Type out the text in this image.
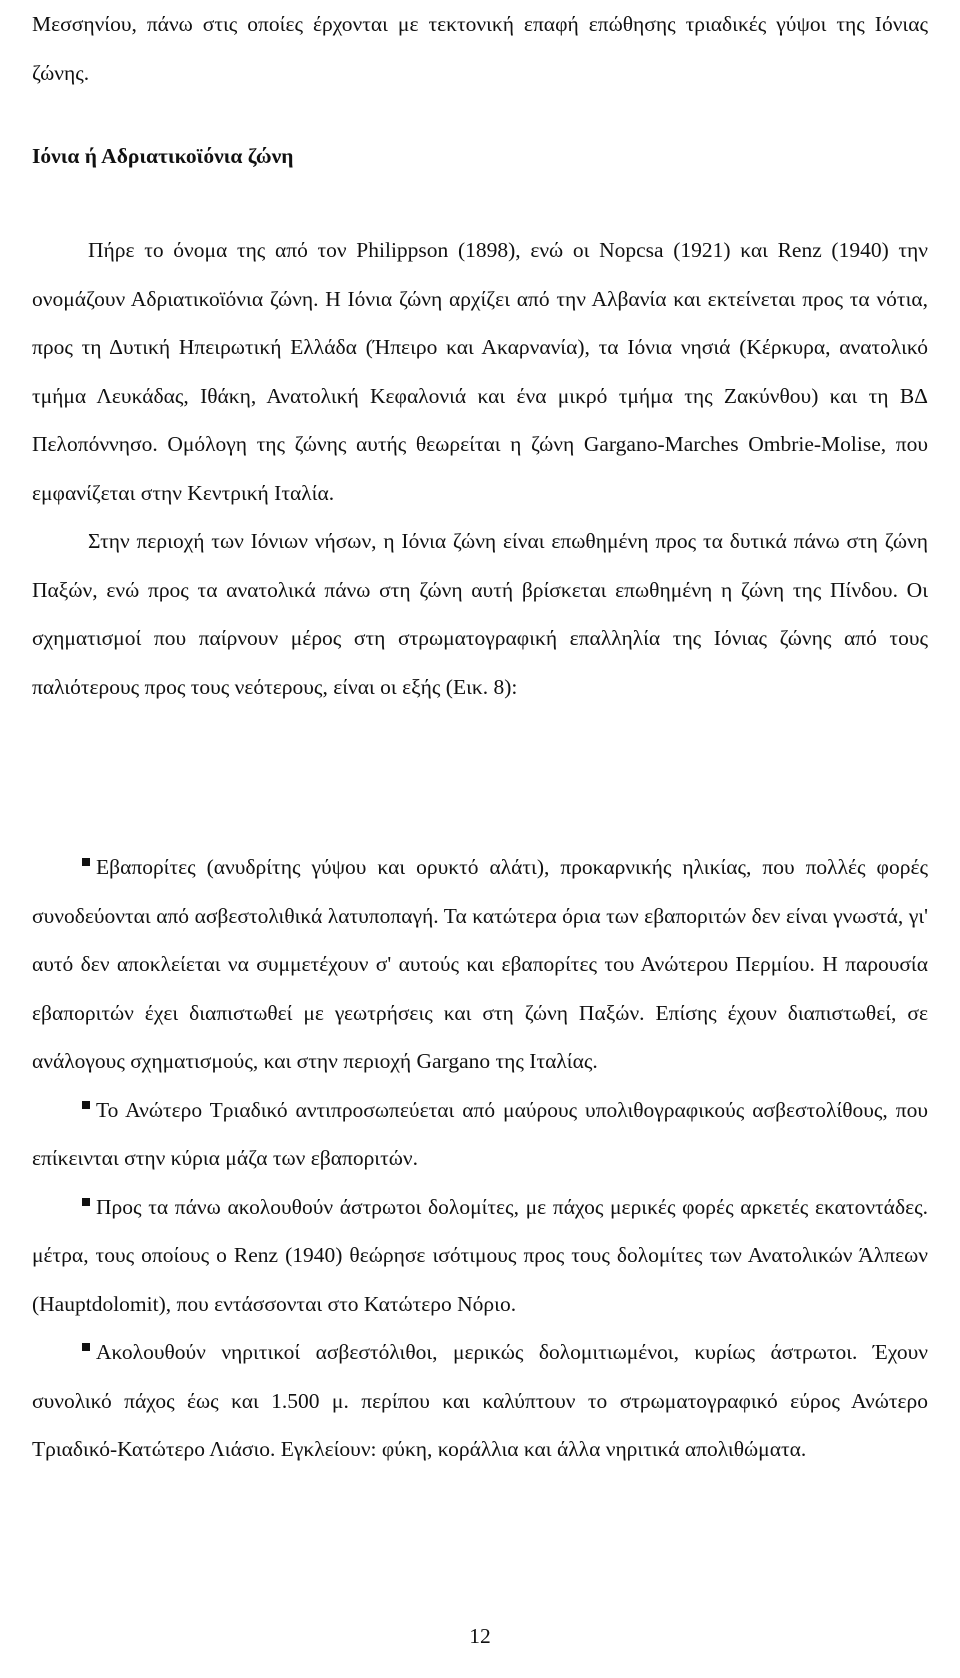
Μεσσηνίου, πάνω στις οποίες έρχονται με τεκτονική επαφή επώθησης τριαδικές γύψοι της Ιόνιας ζώνης.

Ιόνια ή Αδριατικοϊόνια ζώνη

Πήρε το όνομα της από τον Philippson (1898), ενώ οι Nopcsa (1921) και Renz (1940) την ονομάζουν Αδριατικοϊόνια ζώνη. Η Ιόνια ζώνη αρχίζει από την Αλβανία και εκτείνεται προς τα νότια, προς τη Δυτική Ηπειρωτική Ελλάδα (Ήπειρο και Ακαρνανία), τα Ιόνια νησιά (Κέρκυρα, ανατολικό τμήμα Λευκάδας, Ιθάκη, Ανατολική Κεφαλονιά και ένα μικρό τμήμα της Ζακύνθου) και τη ΒΔ Πελοπόννησο. Ομόλογη της ζώνης αυτής θεωρείται η ζώνη Gargano-Marches Ombrie-Molise, που εμφανίζεται στην Κεντρική Ιταλία.

Στην περιοχή των Ιόνιων νήσων, η Ιόνια ζώνη είναι επωθημένη προς τα δυτικά πάνω στη ζώνη Παξών, ενώ προς τα ανατολικά πάνω στη ζώνη αυτή βρίσκεται επωθημένη η ζώνη της Πίνδου. Οι σχηματισμοί που παίρνουν μέρος στη στρωματογραφική επαλληλία της Ιόνιας ζώνης από τους παλιότερους προς τους νεότερους, είναι οι εξής (Εικ. 8):

Εβαπορίτες (ανυδρίτης γύψου και ορυκτό αλάτι), προκαρνικής ηλικίας, που πολλές φορές συνοδεύονται από ασβεστολιθικά λατυποπαγή. Τα κατώτερα όρια των εβαποριτών δεν είναι γνωστά, γι' αυτό δεν αποκλείεται να συμμετέχουν σ' αυτούς και εβαπορίτες του Ανώτερου Περμίου. Η παρουσία εβαποριτών έχει διαπιστωθεί με γεωτρήσεις και στη ζώνη Παξών. Επίσης έχουν διαπιστωθεί, σε ανάλογους σχηματισμούς, και στην περιοχή Gargano της Ιταλίας.

Το Ανώτερο Τριαδικό αντιπροσωπεύεται από μαύρους υπολιθογραφικούς ασβεστολίθους, που επίκεινται στην κύρια μάζα των εβαποριτών.

Προς τα πάνω ακολουθούν άστρωτοι δολομίτες, με πάχος μερικές φορές αρκετές εκατοντάδες. μέτρα, τους οποίους ο Renz (1940) θεώρησε ισότιμους προς τους δολομίτες των Ανατολικών Άλπεων (Hauptdolomit), που εντάσσονται στο Κατώτερο Νόριο.

Ακολουθούν νηριτικοί ασβεστόλιθοι, μερικώς δολομιτιωμένοι, κυρίως άστρωτοι. Έχουν συνολικό πάχος έως και 1.500 μ. περίπου και καλύπτουν το στρωματογραφικό εύρος Ανώτερο Τριαδικό-Κατώτερο Λιάσιο. Εγκλείουν: φύκη, κοράλλια και άλλα νηριτικά απολιθώματα.

12
